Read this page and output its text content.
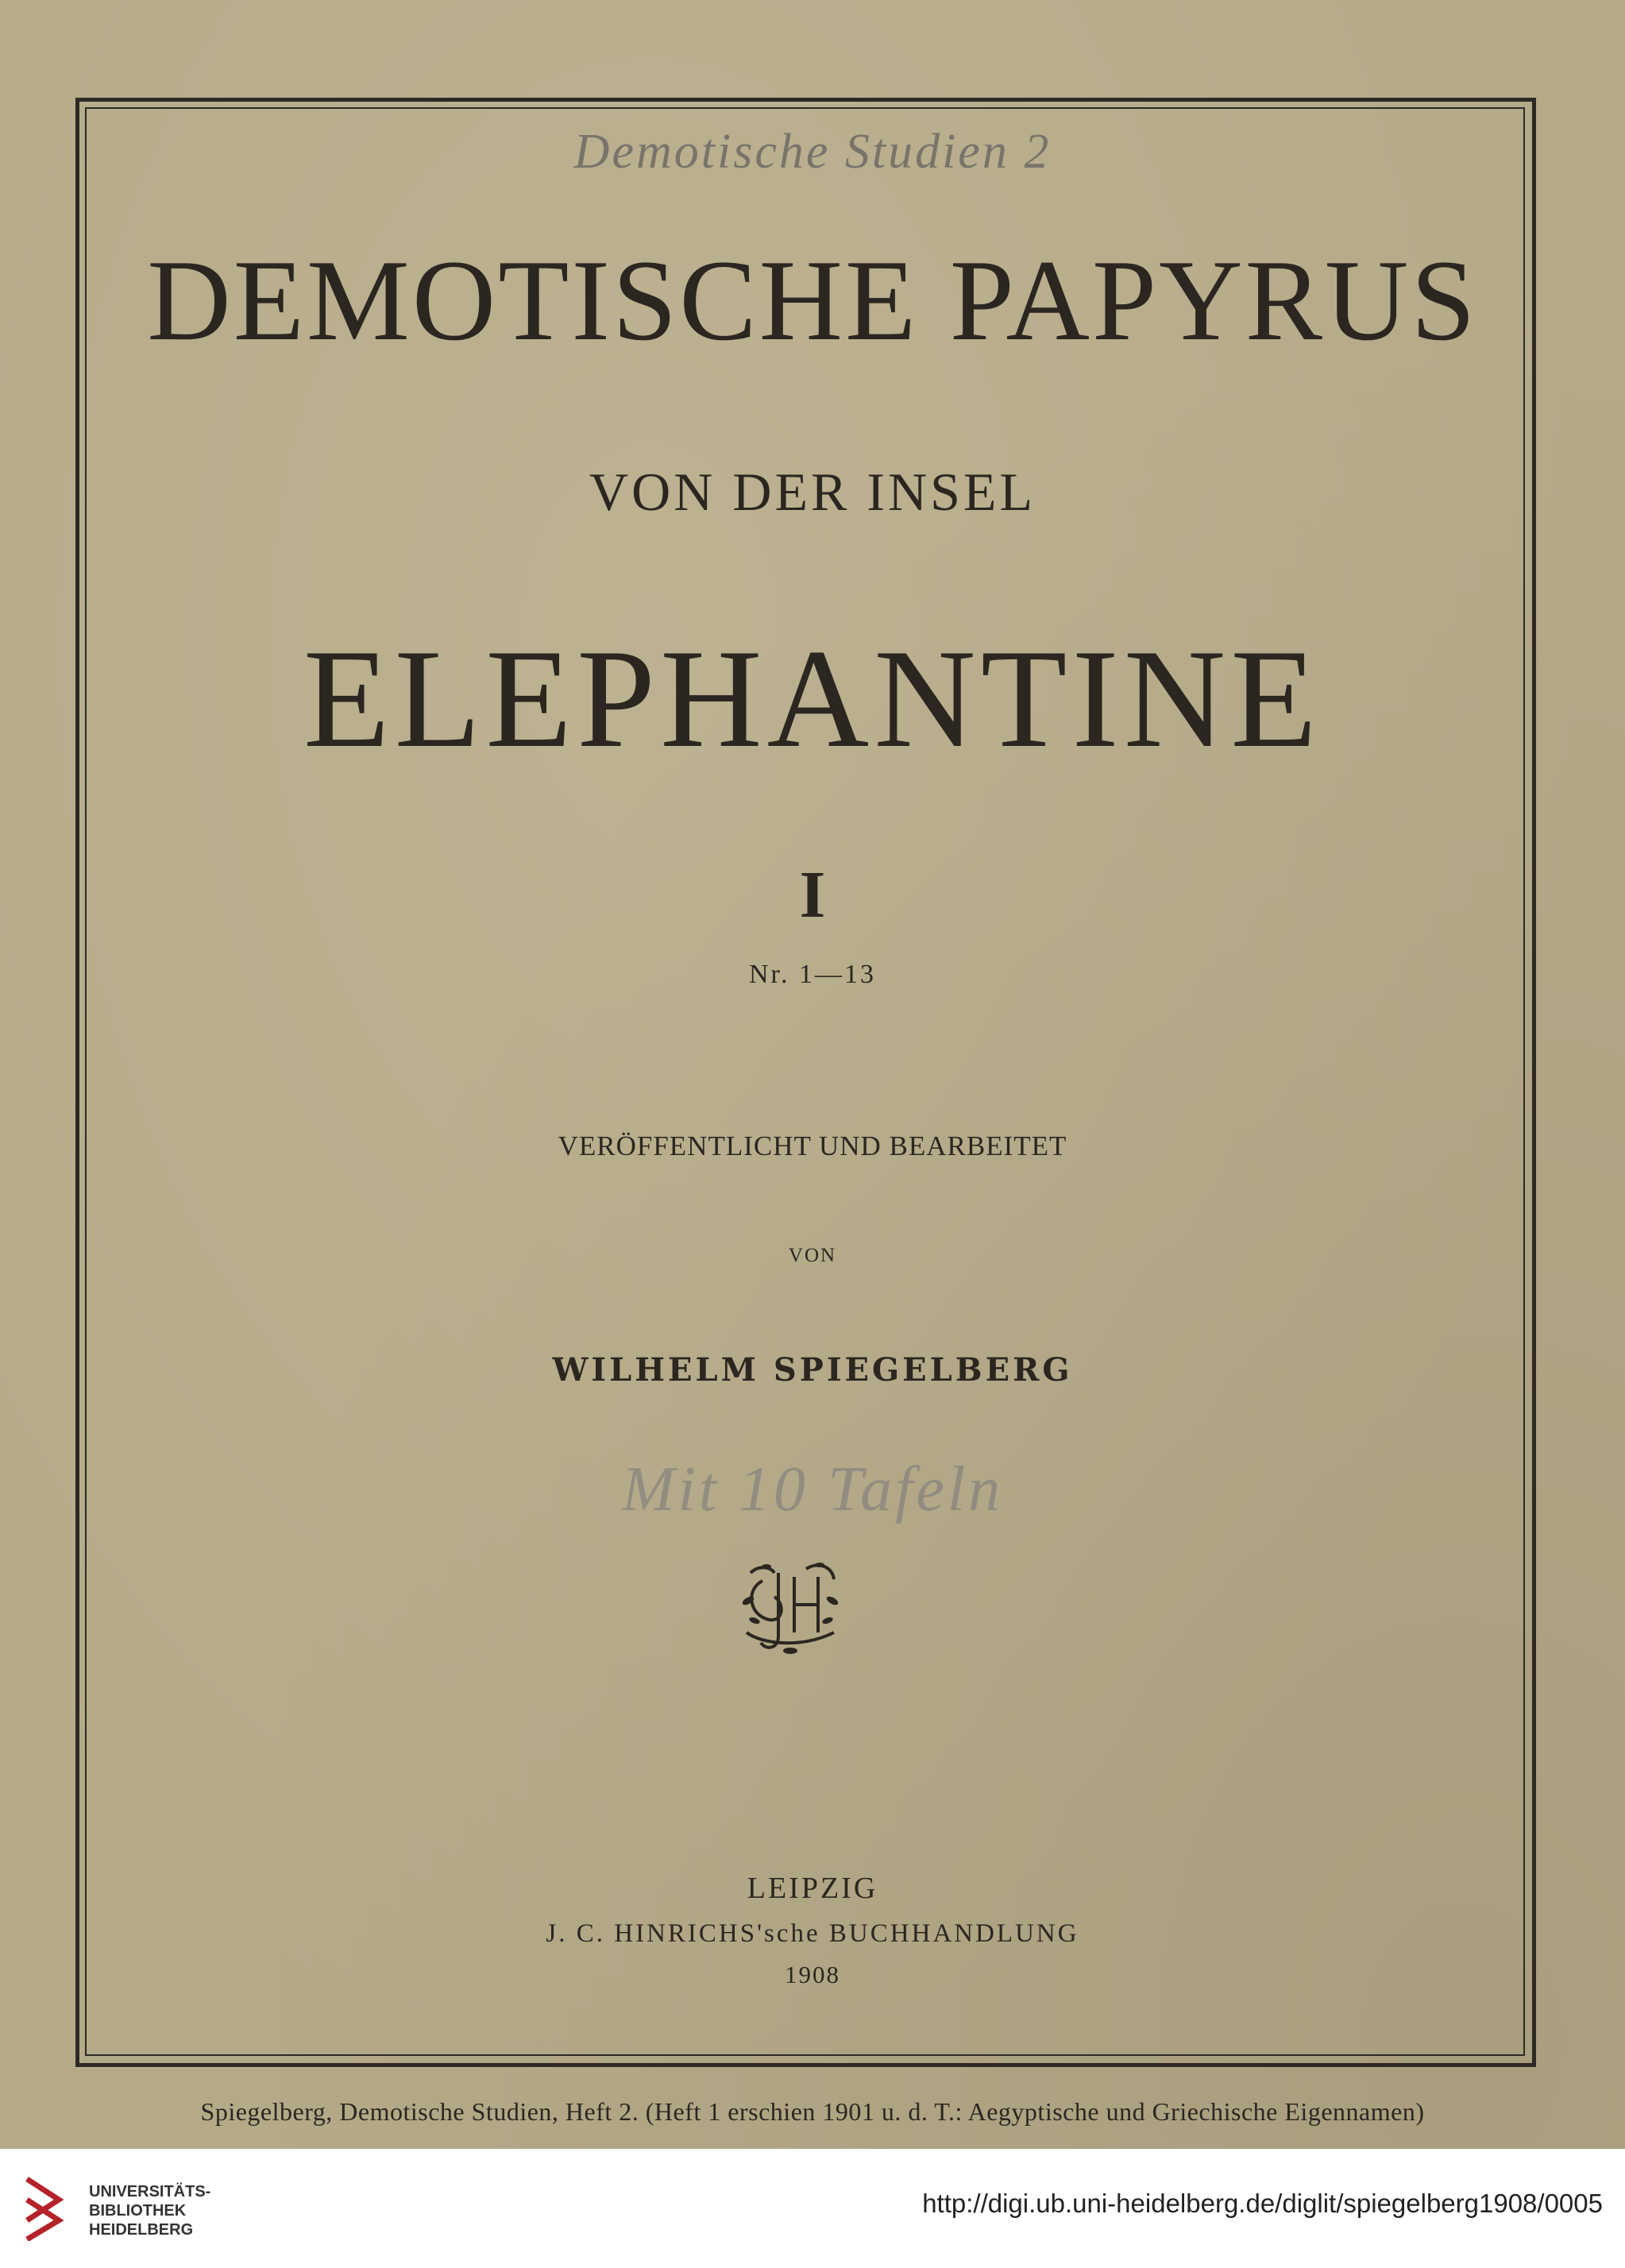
Demotische Studien 2
DEMOTISCHE PAPYRUS
VON DER INSEL
ELEPHANTINE
I
Nr. 1—13
VERÖFFENTLICHT UND BEARBEITET
VON
WILHELM SPIEGELBERG
Mit 10 Tafeln
LEIPZIG
J. C. HINRICHS'sche BUCHHANDLUNG
1908
Spiegelberg, Demotische Studien, Heft 2. (Heft 1 erschien 1901 u. d. T.: Aegyptische und Griechische Eigennamen)
UNIVERSITÄTS-
BIBLIOTHEK
HEIDELBERG
http://digi.ub.uni-heidelberg.de/diglit/spiegelberg1908/0005
